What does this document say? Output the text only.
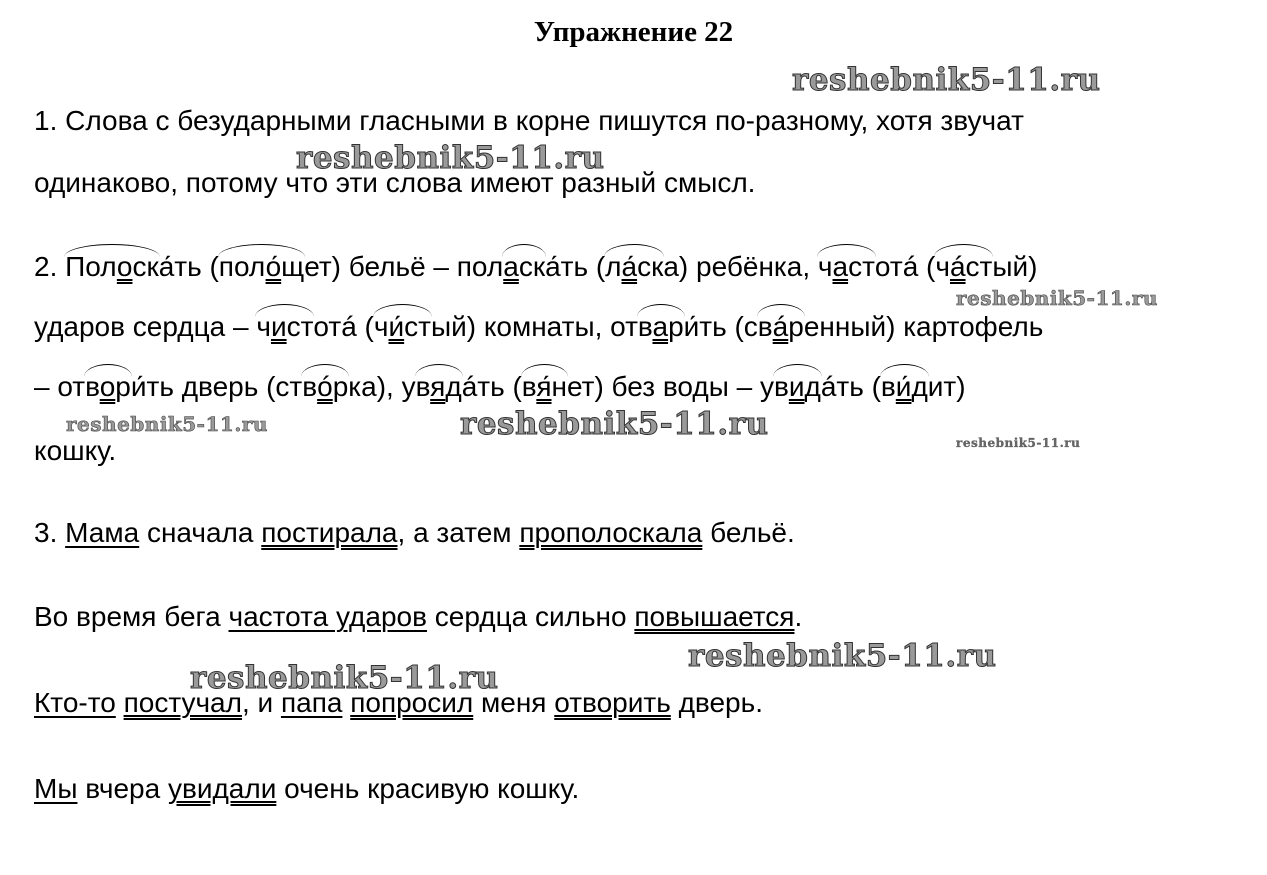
Упражнение 22
reshebnik5-11.ru
reshebnik5-11.ru
reshebnik5-11.ru
reshebnik5-11.ru	reshebnik5-11.ru
reshebnik5-11.ru
reshebnik5-11.ru
reshebnik5-11.ru
1. Слова с безударными гласными в корне пишутся по-разному, хотя звучат
одинаково, потому что эти слова имеют разный смысл.
2. Полоска́ть (поло́щет) бельё – поласка́ть (ла́ска) ребёнка, частотá (чáстый)
ударов сердца – чистотá (чи́стый) комнаты, отвари́ть (свáренный) картофель
– отвори́ть дверь (ствóрка), увядáть (вя́нет) без воды – увидáть (ви́дит)
кошку.
3. Мама сначала постирала, а затем прополоскала бельё.
Во время бега частота ударов сердца сильно повышается.
Кто-то постучал, и папа попросил меня отворить дверь.
Мы вчера увидали очень красивую кошку.
